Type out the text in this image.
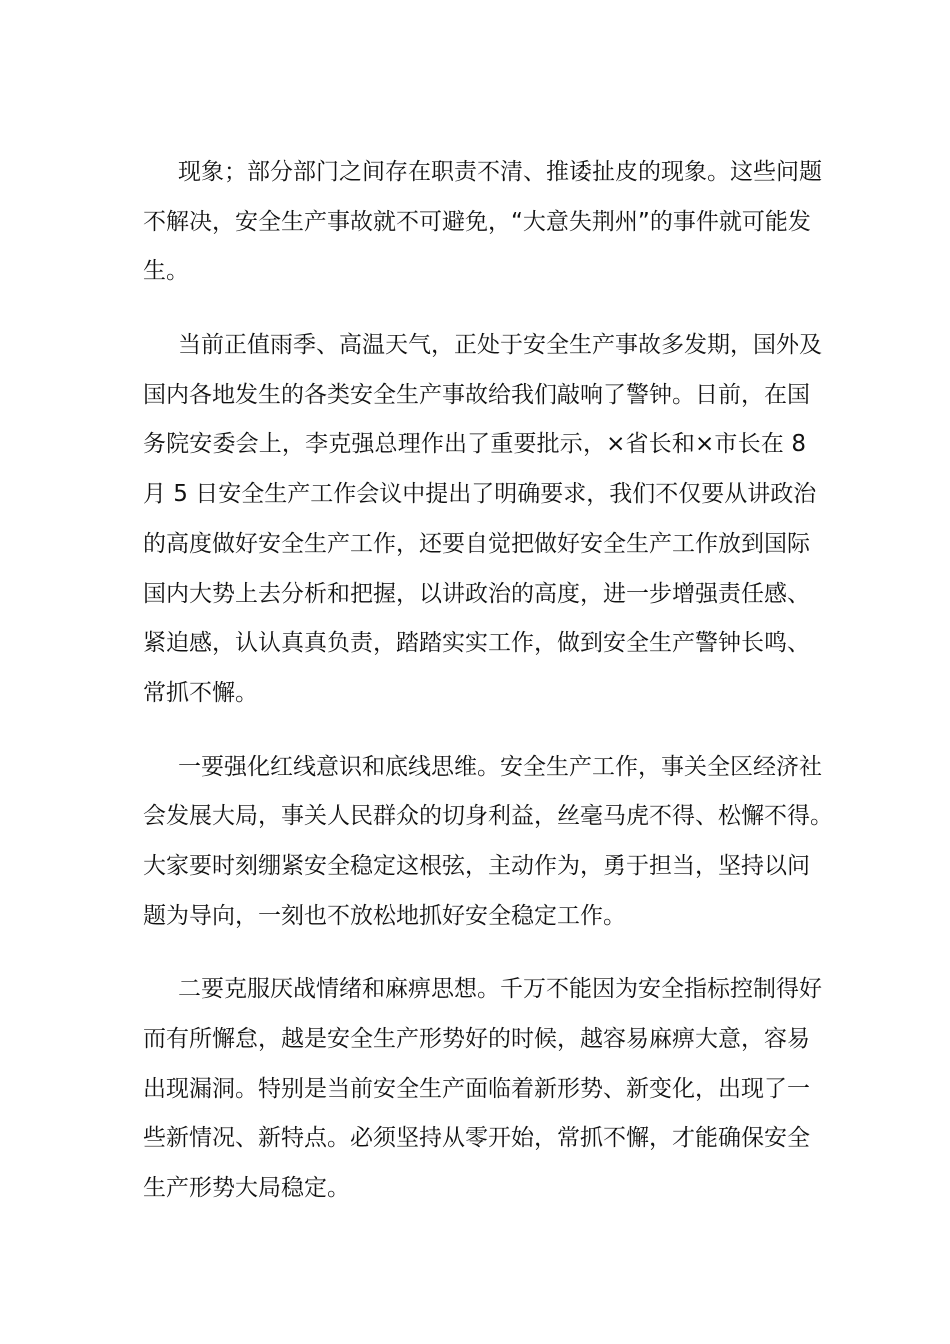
现象；部分部门之间存在职责不清、推诿扯皮的现象。这些问题
不解决，安全生产事故就不可避免，“大意失荆州”的事件就可能发
生。
当前正值雨季、高温天气，正处于安全生产事故多发期，国外及
国内各地发生的各类安全生产事故给我们敲响了警钟。日前，在国
务院安委会上，李克强总理作出了重要批示，×省长和×市长在 8
月 5 日安全生产工作会议中提出了明确要求，我们不仅要从讲政治
的高度做好安全生产工作，还要自觉把做好安全生产工作放到国际
国内大势上去分析和把握，以讲政治的高度，进一步增强责任感、
紧迫感，认认真真负责，踏踏实实工作，做到安全生产警钟长鸣、
常抓不懈。
一要强化红线意识和底线思维。安全生产工作，事关全区经济社
会发展大局，事关人民群众的切身利益，丝毫马虎不得、松懈不得。
大家要时刻绷紧安全稳定这根弦，主动作为，勇于担当，坚持以问
题为导向，一刻也不放松地抓好安全稳定工作。
二要克服厌战情绪和麻痹思想。千万不能因为安全指标控制得好
而有所懈怠，越是安全生产形势好的时候，越容易麻痹大意，容易
出现漏洞。特别是当前安全生产面临着新形势、新变化，出现了一
些新情况、新特点。必须坚持从零开始，常抓不懈，才能确保安全
生产形势大局稳定。
